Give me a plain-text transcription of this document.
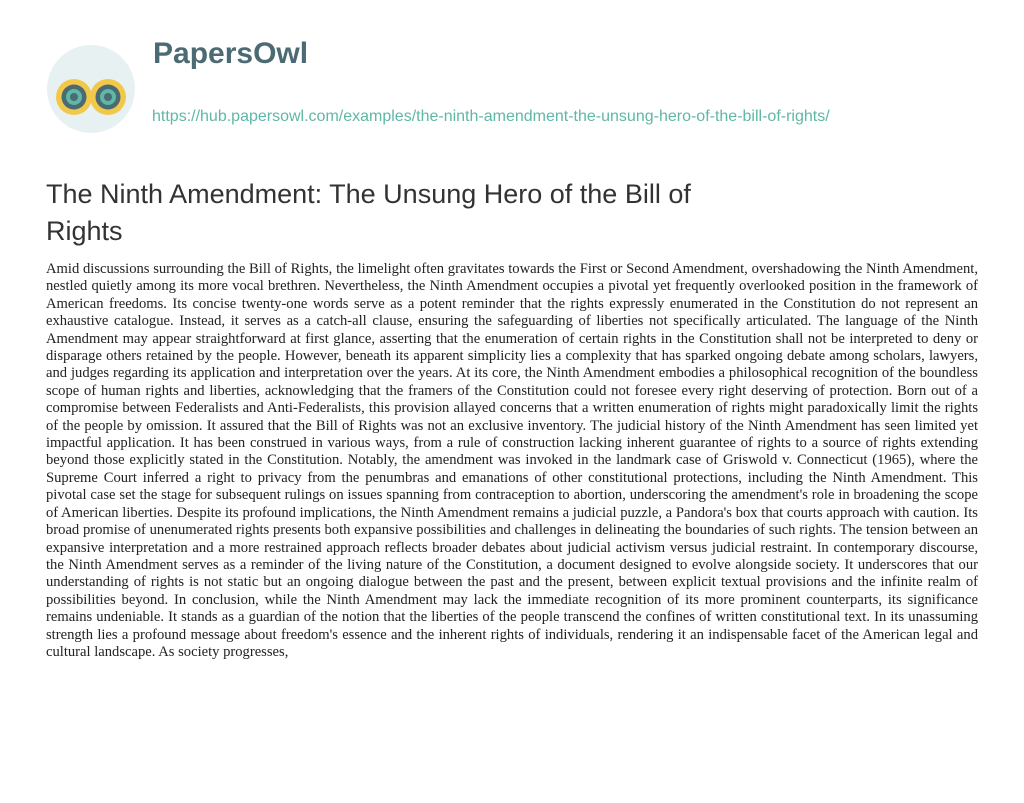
PapersOwl
https://hub.papersowl.com/examples/the-ninth-amendment-the-unsung-hero-of-the-bill-of-rights/
The Ninth Amendment: The Unsung Hero of the Bill of Rights

Amid discussions surrounding the Bill of Rights, the limelight often gravitates towards the First or Second Amendment, overshadowing the Ninth Amendment, nestled quietly among its more vocal brethren. Nevertheless, the Ninth Amendment occupies a pivotal yet frequently overlooked position in the framework of American freedoms. Its concise twenty-one words serve as a potent reminder that the rights expressly enumerated in the Constitution do not represent an exhaustive catalogue. Instead, it serves as a catch-all clause, ensuring the safeguarding of liberties not specifically articulated. The language of the Ninth Amendment may appear straightforward at first glance, asserting that the enumeration of certain rights in the Constitution shall not be interpreted to deny or disparage others retained by the people. However, beneath its apparent simplicity lies a complexity that has sparked ongoing debate among scholars, lawyers, and judges regarding its application and interpretation over the years. At its core, the Ninth Amendment embodies a philosophical recognition of the boundless scope of human rights and liberties, acknowledging that the framers of the Constitution could not foresee every right deserving of protection. Born out of a compromise between Federalists and Anti-Federalists, this provision allayed concerns that a written enumeration of rights might paradoxically limit the rights of the people by omission. It assured that the Bill of Rights was not an exclusive inventory. The judicial history of the Ninth Amendment has seen limited yet impactful application. It has been construed in various ways, from a rule of construction lacking inherent guarantee of rights to a source of rights extending beyond those explicitly stated in the Constitution. Notably, the amendment was invoked in the landmark case of Griswold v. Connecticut (1965), where the Supreme Court inferred a right to privacy from the penumbras and emanations of other constitutional protections, including the Ninth Amendment. This pivotal case set the stage for subsequent rulings on issues spanning from contraception to abortion, underscoring the amendment's role in broadening the scope of American liberties. Despite its profound implications, the Ninth Amendment remains a judicial puzzle, a Pandora's box that courts approach with caution. Its broad promise of unenumerated rights presents both expansive possibilities and challenges in delineating the boundaries of such rights. The tension between an expansive interpretation and a more restrained approach reflects broader debates about judicial activism versus judicial restraint. In contemporary discourse, the Ninth Amendment serves as a reminder of the living nature of the Constitution, a document designed to evolve alongside society. It underscores that our understanding of rights is not static but an ongoing dialogue between the past and the present, between explicit textual provisions and the infinite realm of possibilities beyond. In conclusion, while the Ninth Amendment may lack the immediate recognition of its more prominent counterparts, its significance remains undeniable. It stands as a guardian of the notion that the liberties of the people transcend the confines of written constitutional text. In its unassuming strength lies a profound message about freedom's essence and the inherent rights of individuals, rendering it an indispensable facet of the American legal and cultural landscape. As society progresses,
